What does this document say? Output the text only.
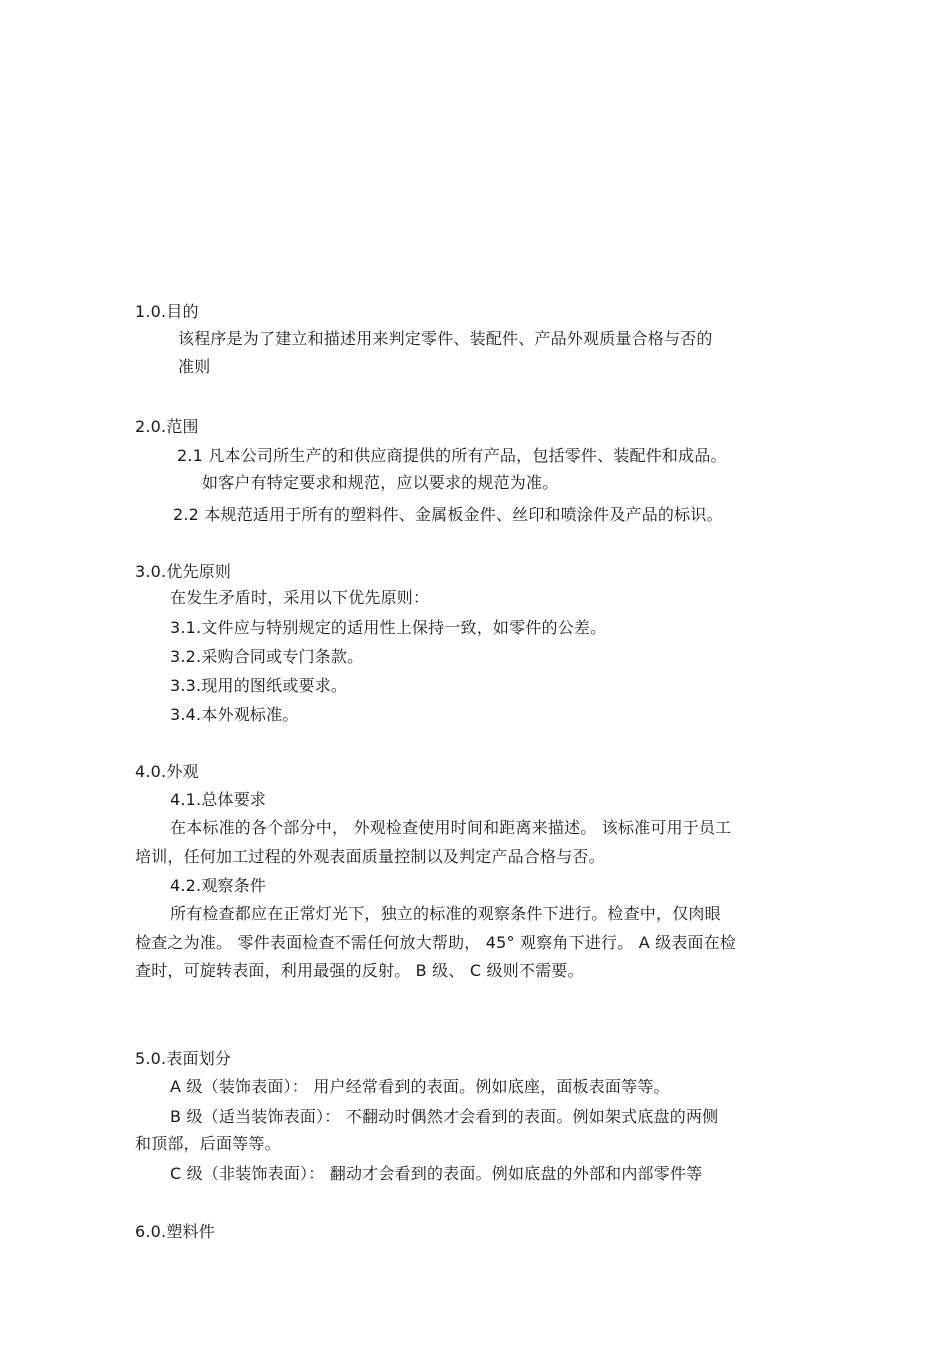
1.0.目的
该程序是为了建立和描述用来判定零件、装配件、产品外观质量合格与否的
准则
2.0.范围
2.1 凡本公司所生产的和供应商提供的所有产品，包括零件、装配件和成品。
如客户有特定要求和规范，应以要求的规范为准。
2.2 本规范适用于所有的塑料件、金属板金件、丝印和喷涂件及产品的标识。
3.0.优先原则
在发生矛盾时，采用以下优先原则：
3.1.文件应与特别规定的适用性上保持一致，如零件的公差。
3.2.采购合同或专门条款。
3.3.现用的图纸或要求。
3.4.本外观标准。
4.0.外观
4.1.总体要求
在本标准的各个部分中， 外观检查使用时间和距离来描述。 该标准可用于员工
培训，任何加工过程的外观表面质量控制以及判定产品合格与否。
4.2.观察条件
所有检查都应在正常灯光下，独立的标准的观察条件下进行。检查中，仅肉眼
检查之为准。 零件表面检查不需任何放大帮助， 45° 观察角下进行。 A 级表面在检
查时，可旋转表面，利用最强的反射。 B 级、 C 级则不需要。
5.0.表面划分
A 级（装饰表面）： 用户经常看到的表面。例如底座，面板表面等等。
B 级（适当装饰表面）： 不翻动时偶然才会看到的表面。例如架式底盘的两侧
和顶部，后面等等。
C 级（非装饰表面）： 翻动才会看到的表面。例如底盘的外部和内部零件等
6.0.塑料件
